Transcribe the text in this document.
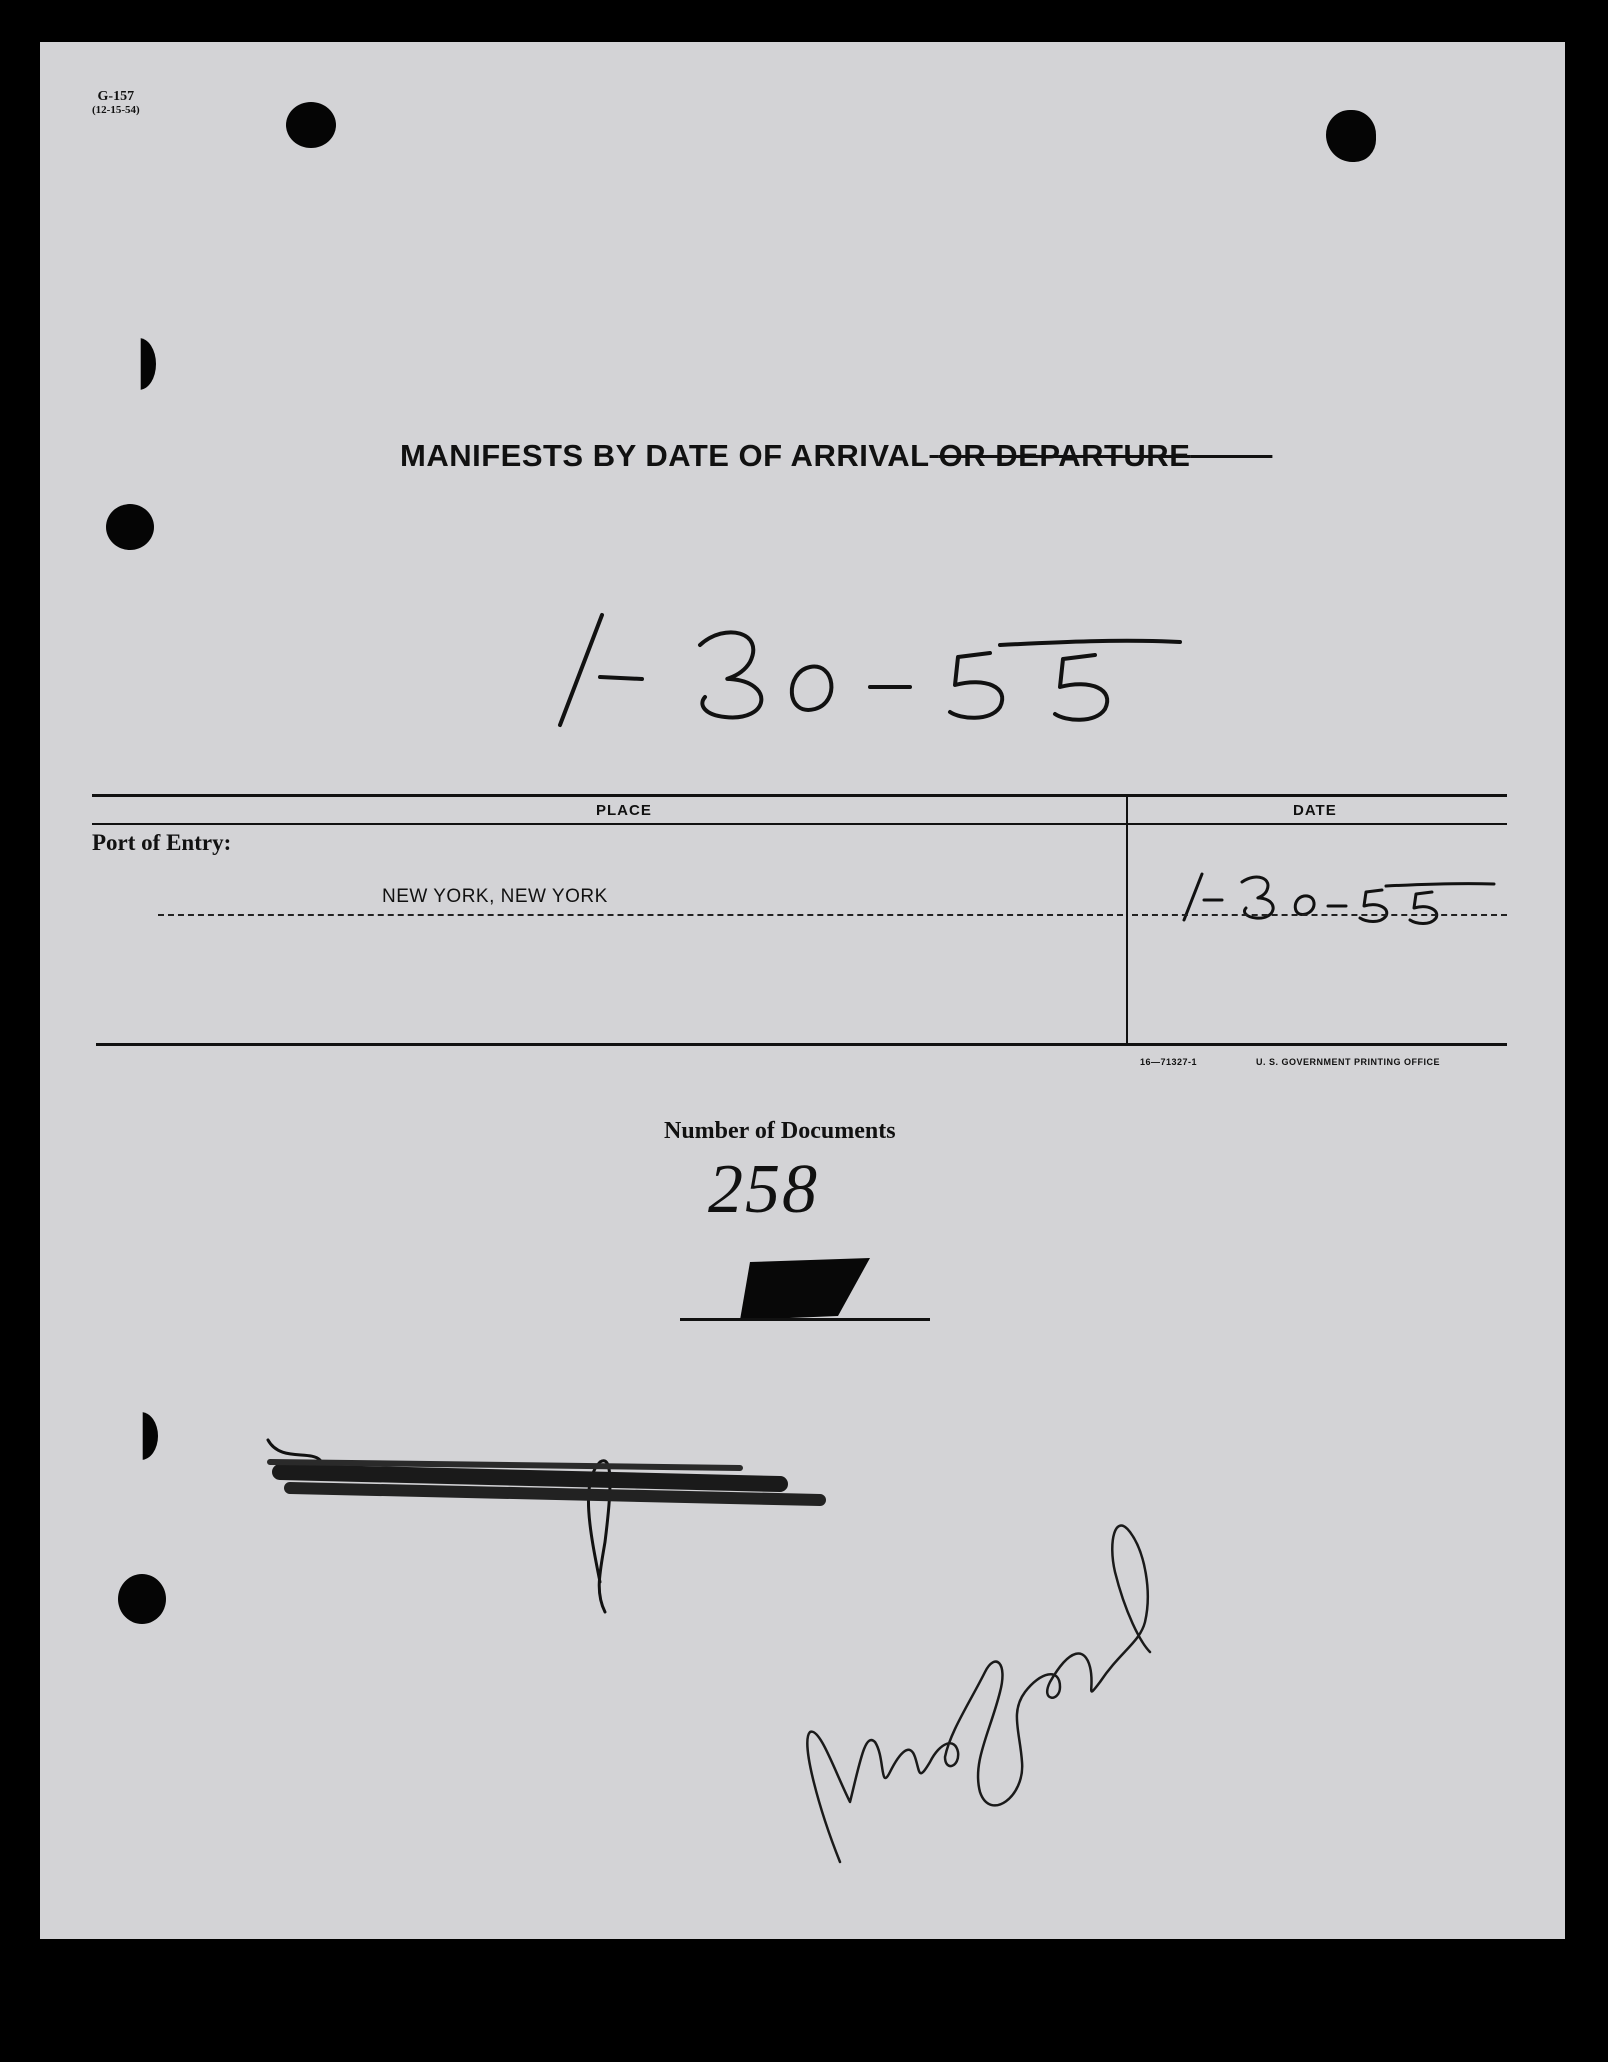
G-157
(12-15-54)
MANIFESTS BY DATE OF ARRIVAL OR DEPARTURE
PLACE	DATE
Port of Entry:
NEW YORK, NEW YORK
16—71327-1	U. S. GOVERNMENT PRINTING OFFICE
Number of Documents
258
